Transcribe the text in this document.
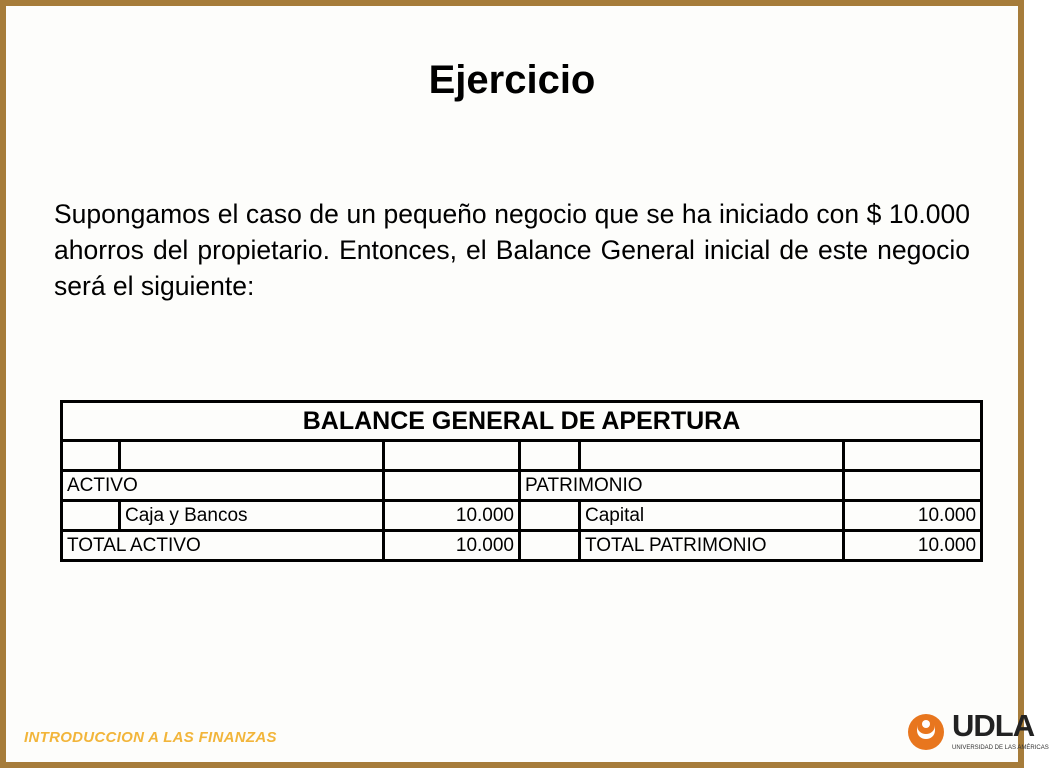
Ejercicio
Supongamos el caso de un pequeño negocio que se ha iniciado con $ 10.000 ahorros del propietario. Entonces, el Balance General inicial de este negocio será el siguiente:
BALANCE GENERAL DE APERTURA					

ACTIVO			PATRIMONIO		
	Caja y Bancos	10.000		Capital	10.000
TOTAL ACTIVO		10.000		TOTAL PATRIMONIO	10.000
INTRODUCCION A LAS FINANZAS	UDLA
UNIVERSIDAD DE LAS AMÉRICAS
